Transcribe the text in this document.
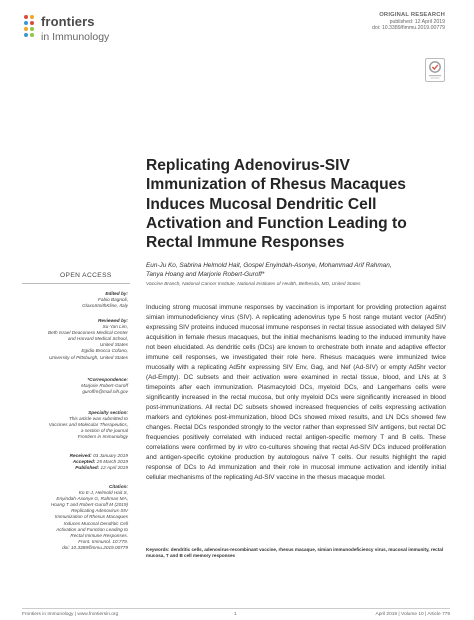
frontiers
in Immunology
ORIGINAL RESEARCH
published: 12 April 2019
doi: 10.3389/fimmu.2019.00779
Replicating Adenovirus-SIV Immunization of Rhesus Macaques Induces Mucosal Dendritic Cell Activation and Function Leading to Rectal Immune Responses
Eun-Ju Ko, Sabrina Helmold Hait, Gospel Enyindah-Asonye, Mohammad Arif Rahman,
Tanya Hoang and Marjorie Robert-Guroff*
Vaccine Branch, National Cancer Institute, National Institutes of Health, Bethesda, MD, United States
OPEN ACCESS
Edited by:
Fabio Bagnoli,
GlaxoSmithKline, Italy
Reviewed by:
Su-Yan Lim,
Beth Israel Deaconess Medical Center
and Harvard Medical School,
United States
Egidio Brocca Cofano,
University of Pittsburgh, United States
*Correspondence:
Marjorie Robert-Guroff
guroffm@mail.nih.gov
Specialty section:
This article was submitted to
Vaccines and Molecular Therapeutics,
a section of the journal
Frontiers in Immunology
Received: 03 January 2019
Accepted: 25 March 2019
Published: 12 April 2019
Citation:
Ko E-J, Helmold Hait S,
Enyindah-Asonye G, Rahman MA,
Hoang T and Robert-Guroff M (2019)
Replicating Adenovirus-SIV
Immunization of Rhesus Macaques
Induces Mucosal Dendritic Cell
Activation and Function Leading to
Rectal Immune Responses.
Front. Immunol. 10:779.
doi: 10.3389/fimmu.2019.00779
Inducing strong mucosal immune responses by vaccination is important for providing protection against simian immunodeficiency virus (SIV). A replicating adenovirus type 5 host range mutant vector (Ad5hr) expressing SIV proteins induced mucosal immune responses in rectal tissue associated with delayed SIV acquisition in female rhesus macaques, but the initial mechanisms leading to the induced immunity have not been elucidated. As dendritic cells (DCs) are known to orchestrate both innate and adaptive effector immune cell responses, we investigated their role here. Rhesus macaques were immunized twice mucosally with a replicating Ad5hr expressing SIV Env, Gag, and Nef (Ad-SIV) or empty Ad5hr vector (Ad-Empty). DC subsets and their activation were examined in rectal tissue, blood, and LNs at 3 timepoints after each immunization. Plasmacytoid DCs, myeloid DCs, and Langerhans cells were significantly increased in the rectal mucosa, but only myeloid DCs were significantly increased in blood post-immunizations. All rectal DC subsets showed increased frequencies of cells expressing activation markers and cytokines post-immunization, blood DCs showed mixed results, and LN DCs showed few changes. Rectal DCs responded strongly to the vector rather than expressed SIV antigens, but rectal DC frequencies positively correlated with induced rectal antigen-specific memory T and B cells. These correlations were confirmed by in vitro co-cultures showing that rectal Ad-SIV DCs induced proliferation and antigen-specific cytokine production by autologous naïve T cells. Our results highlight the rapid response of DCs to Ad immunization and their role in mucosal immune activation and identify initial cellular mechanisms of the replicating Ad-SIV vaccine in the rhesus macaque model.
Keywords: dendritic cells, adenovirus-recombinant vaccine, rhesus macaque, simian immunodeficiency virus, mucosal immunity, rectal mucosa, T and B cell memory responses
Frontiers in Immunology | www.frontiersin.org	1	April 2019 | Volume 10 | Article 779
